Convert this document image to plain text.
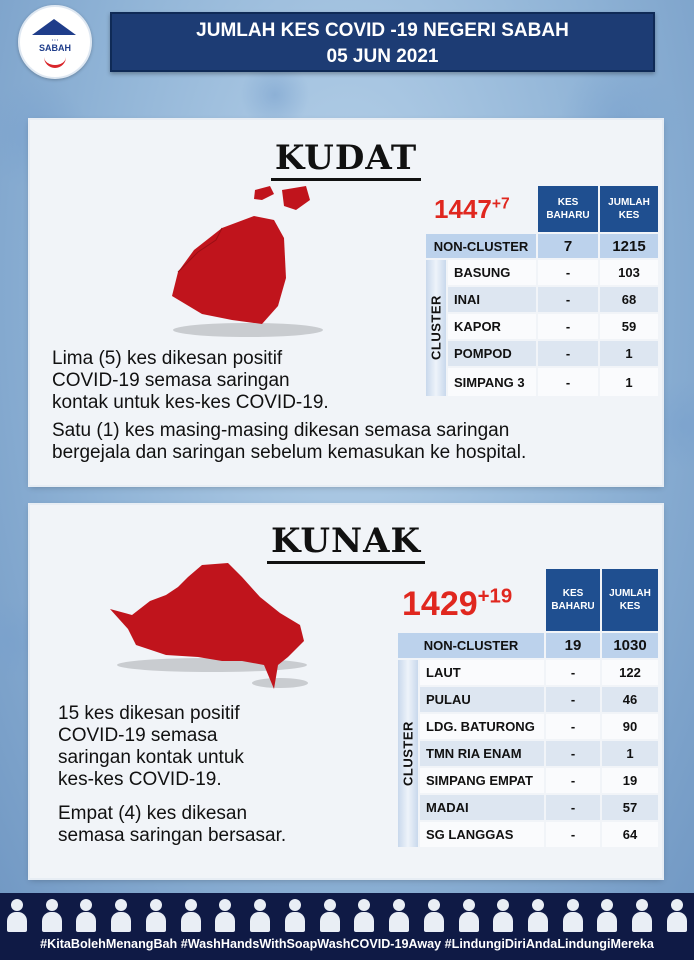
• • •
SABAH
JUMLAH KES COVID -19 NEGERI SABAH
05 JUN 2021
KUDAT
$1447^{+7}$
		KES BAHARU	JUMLAH KES
NON-CLUSTER		7	1215
CLUSTER	BASUNG	-	103
	INAI	-	68
	KAPOR	-	59
	POMPOD	-	1
	SIMPANG 3	-	1
Lima (5) kes dikesan positif
COVID-19 semasa saringan
kontak untuk kes-kes COVID-19.
Satu (1) kes masing-masing dikesan semasa saringan
bergejala dan saringan sebelum kemasukan ke hospital.
KUNAK
$1429^{+19}$
		KES BAHARU	JUMLAH KES
NON-CLUSTER		19	1030
CLUSTER	LAUT	-	122
	PULAU	-	46
	LDG. BATURONG	-	90
	TMN RIA ENAM	-	1
	SIMPANG EMPAT	-	19
	MADAI	-	57
	SG LANGGAS	-	64
15 kes dikesan positif
COVID-19 semasa
saringan kontak untuk
kes-kes COVID-19.
Empat (4) kes dikesan
semasa saringan bersasar.
#KitaBolehMenangBah #WashHandsWithSoapWashCOVID-19Away #LindungiDiriAndaLindungiMereka
